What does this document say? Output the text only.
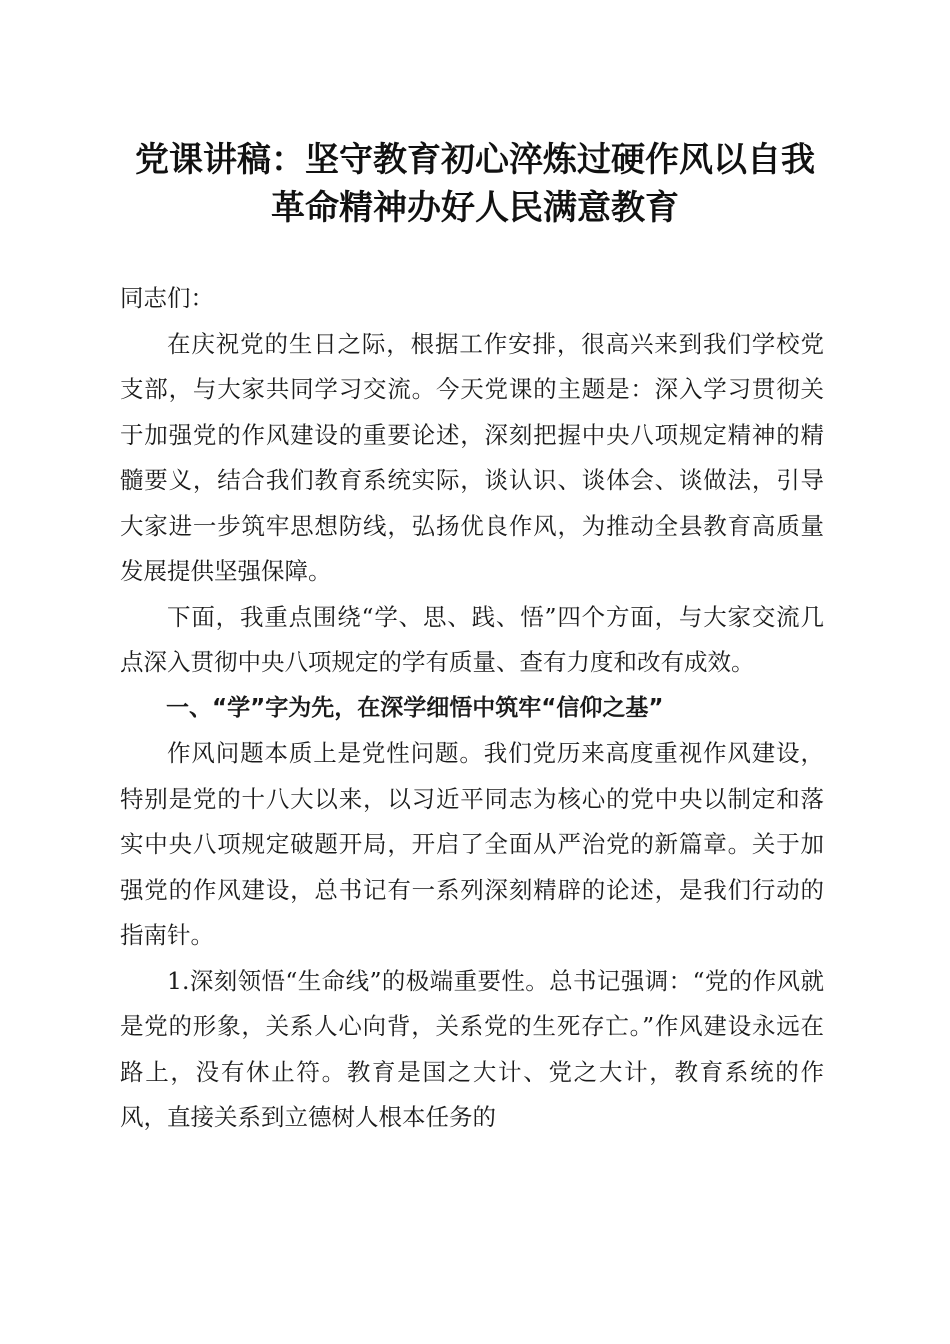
党课讲稿：坚守教育初心淬炼过硬作风以自我
革命精神办好人民满意教育

同志们：

在庆祝党的生日之际，根据工作安排，很高兴来到我们学校党支部，与大家共同学习交流。今天党课的主题是：深入学习贯彻关于加强党的作风建设的重要论述，深刻把握中央八项规定精神的精髓要义，结合我们教育系统实际，谈认识、谈体会、谈做法，引导大家进一步筑牢思想防线，弘扬优良作风，为推动全县教育高质量发展提供坚强保障。

下面，我重点围绕“学、思、践、悟”四个方面，与大家交流几点深入贯彻中央八项规定的学有质量、查有力度和改有成效。

一、“学”字为先，在深学细悟中筑牢“信仰之基”

作风问题本质上是党性问题。我们党历来高度重视作风建设，特别是党的十八大以来，以习近平同志为核心的党中央以制定和落实中央八项规定破题开局，开启了全面从严治党的新篇章。关于加强党的作风建设，总书记有一系列深刻精辟的论述，是我们行动的指南针。

1.深刻领悟“生命线”的极端重要性。总书记强调：“党的作风就是党的形象，关系人心向背，关系党的生死存亡。”作风建设永远在路上，没有休止符。教育是国之大计、党之大计，教育系统的作风，直接关系到立德树人根本任务的
